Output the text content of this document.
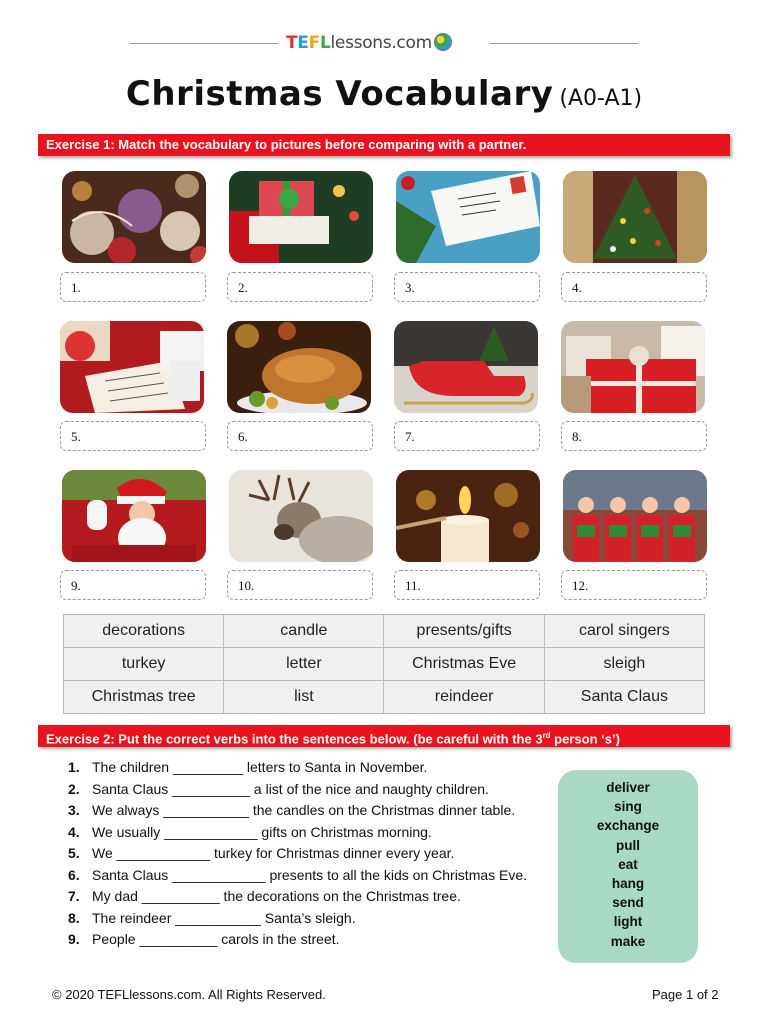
TEFLlessons.com
Christmas Vocabulary (A0-A1)
Exercise 1: Match the vocabulary to pictures before comparing with a partner.
1.	2.	3.	4.
5.	6.	7.	8.
9.	10.	11.	12.
decorations	candle	presents/gifts	carol singers
turkey	letter	Christmas Eve	sleigh
Christmas tree	list	reindeer	Santa Claus
Exercise 2: Put the correct verbs into the sentences below. (be careful with the 3rd person ‘s’)
1. The children _________ letters to Santa in November.
2. Santa Claus __________ a list of the nice and naughty children.
3. We always ___________ the candles on the Christmas dinner table.
4. We usually ____________ gifts on Christmas morning.
5. We ____________ turkey for Christmas dinner every year.
6. Santa Claus ____________ presents to all the kids on Christmas Eve.
7. My dad __________ the decorations on the Christmas tree.
8. The reindeer ___________ Santa’s sleigh.
9. People __________ carols in the street.
deliver
sing
exchange
pull
eat
hang
send
light
make
© 2020 TEFLlessons.com. All Rights Reserved.	Page 1 of 2
